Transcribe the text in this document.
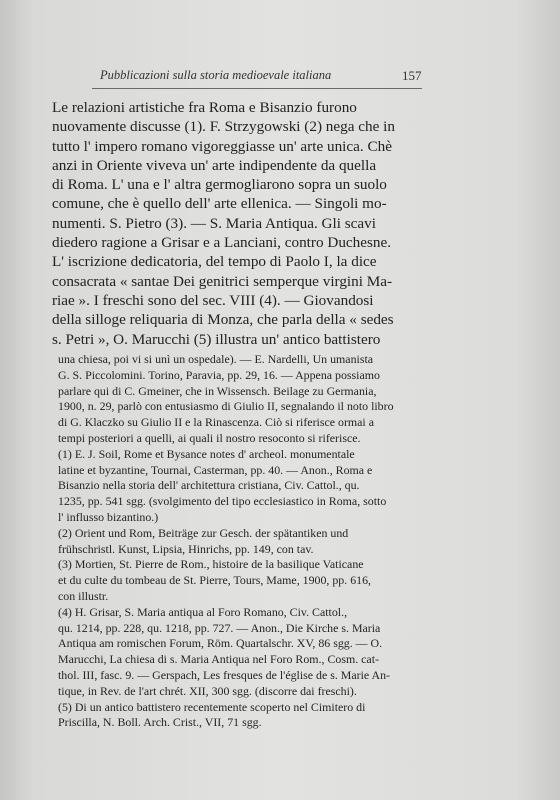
Pubblicazioni sulla storia medioevale italiana	157
Le relazioni artistiche fra Roma e Bisanzio furono
nuovamente discusse (1). F. Strzygowski (2) nega che in
tutto l' impero romano vigoreggiasse un' arte unica. Chè
anzi in Oriente viveva un' arte indipendente da quella
di Roma. L' una e l' altra germogliarono sopra un suolo
comune, che è quello dell' arte ellenica. — Singoli mo-
numenti. S. Pietro (3). — S. Maria Antiqua. Gli scavi
diedero ragione a Grisar e a Lanciani, contro Duchesne.
L' iscrizione dedicatoria, del tempo di Paolo I, la dice
consacrata « santae Dei genitrici semperque virgini Ma-
riae ». I freschi sono del sec. VIII (4). — Giovandosi
della silloge reliquaria di Monza, che parla della « sedes
s. Petri », O. Marucchi (5) illustra un' antico battistero
una chiesa, poi vi si unì un ospedale). — E. Nardelli, Un umanista
G. S. Piccolomini. Torino, Paravia, pp. 29, 16. — Appena possiamo
parlare qui di C. Gmeiner, che in Wissensch. Beilage zu Germania,
1900, n. 29, parlò con entusiasmo di Giulio II, segnalando il noto libro
di G. Klaczko su Giulio II e la Rinascenza. Ciò si riferisce ormai a
tempi posteriori a quelli, ai quali il nostro resoconto si riferisce.
(1) E. J. Soil, Rome et Bysance notes d' archeol. monumentale
latine et byzantine, Tournai, Casterman, pp. 40. — Anon., Roma e
Bisanzio nella storia dell' architettura cristiana, Civ. Cattol., qu.
1235, pp. 541 sgg. (svolgimento del tipo ecclesiastico in Roma, sotto
l' influsso bizantino.)
(2) Orient und Rom, Beiträge zur Gesch. der spätantiken und
frühschristl. Kunst, Lipsia, Hinrichs, pp. 149, con tav.
(3) Mortien, St. Pierre de Rom., histoire de la basilique Vaticane
et du culte du tombeau de St. Pierre, Tours, Mame, 1900, pp. 616,
con illustr.
(4) H. Grisar, S. Maria antiqua al Foro Romano, Civ. Cattol.,
qu. 1214, pp. 228, qu. 1218, pp. 727. — Anon., Die Kirche s. Maria
Antiqua am romischen Forum, Röm. Quartalschr. XV, 86 sgg. — O.
Marucchi, La chiesa di s. Maria Antiqua nel Foro Rom., Cosm. cat-
thol. III, fasc. 9. — Gerspach, Les fresques de l'église de s. Marie An-
tique, in Rev. de l'art chrét. XII, 300 sgg. (discorre dai freschi).
(5) Di un antico battistero recentemente scoperto nel Cimitero di
Priscilla, N. Boll. Arch. Crist., VII, 71 sgg.
